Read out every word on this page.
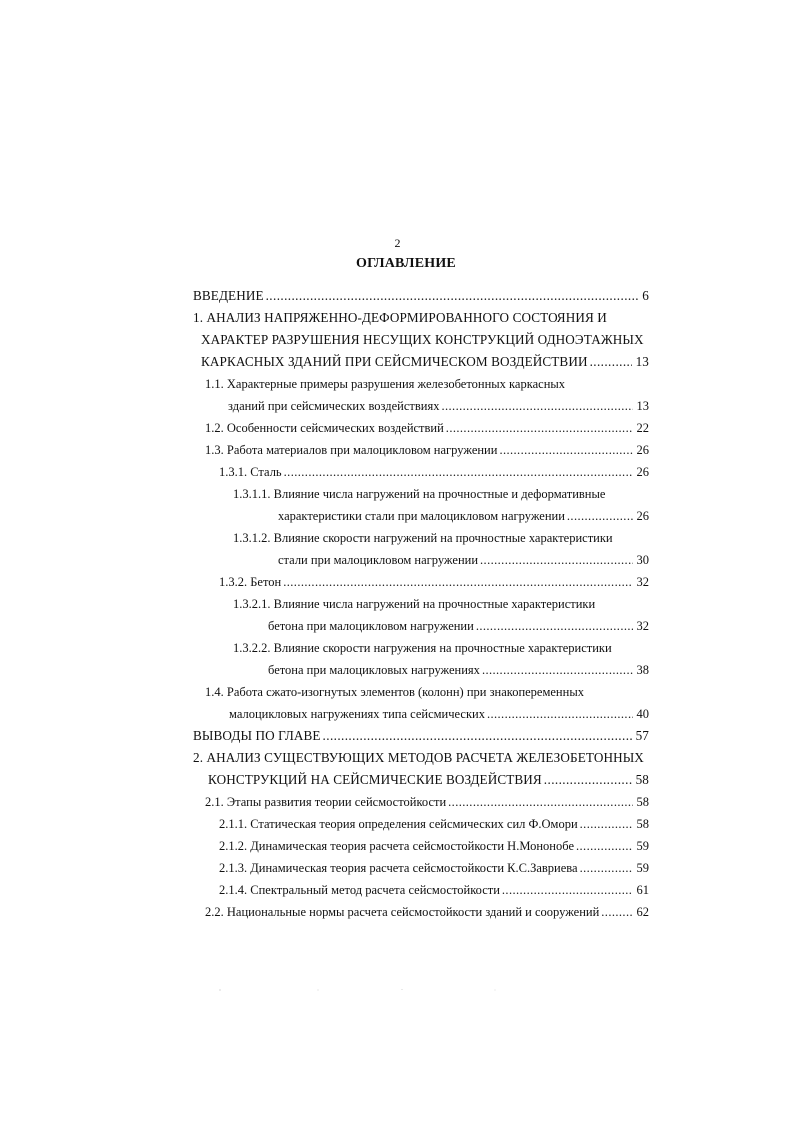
2
ОГЛАВЛЕНИЕ
ВВЕДЕНИЕ .....	6
1. АНАЛИЗ НАПРЯЖЕННО-ДЕФОРМИРОВАННОГО СОСТОЯНИЯ И
ХАРАКТЕР РАЗРУШЕНИЯ НЕСУЩИХ КОНСТРУКЦИЙ ОДНОЭТАЖНЫХ
КАРКАСНЫХ ЗДАНИЙ ПРИ СЕЙСМИЧЕСКОМ ВОЗДЕЙСТВИИ .....	13
1.1. Характерные примеры разрушения железобетонных каркасных
зданий при сейсмических воздействиях .....	13
1.2. Особенности сейсмических воздействий .....	22
1.3. Работа материалов при малоцикловом нагружении .....	26
1.3.1. Сталь .....	26
1.3.1.1. Влияние числа нагружений на прочностные и деформативные
характеристики стали при малоцикловом нагружении .....	26
1.3.1.2. Влияние скорости нагружений на прочностные характеристики
стали при малоцикловом нагружении .....	30
1.3.2. Бетон .....	32
1.3.2.1. Влияние числа нагружений на прочностные характеристики
бетона при малоцикловом нагружении .....	32
1.3.2.2. Влияние скорости нагружения на прочностные характеристики
бетона при малоцикловых нагружениях .....	38
1.4. Работа сжато-изогнутых элементов (колонн) при знакопеременных
малоцикловых нагружениях типа сейсмических .....	40
ВЫВОДЫ ПО ГЛАВЕ .....	57
2. АНАЛИЗ СУЩЕСТВУЮЩИХ МЕТОДОВ РАСЧЕТА ЖЕЛЕЗОБЕТОННЫХ
КОНСТРУКЦИЙ НА СЕЙСМИЧЕСКИЕ ВОЗДЕЙСТВИЯ .....	58
2.1. Этапы развития теории сейсмостойкости .....	58
2.1.1. Статическая теория определения сейсмических сил Ф.Омори .....	58
2.1.2. Динамическая теория расчета сейсмостойкости Н.Мононобе .....	59
2.1.3. Динамическая теория расчета сейсмостойкости К.С.Завриева .....	59
2.1.4. Спектральный метод расчета сейсмостойкости .....	61
2.2. Национальные нормы расчета сейсмостойкости зданий и сооружений .....	62
